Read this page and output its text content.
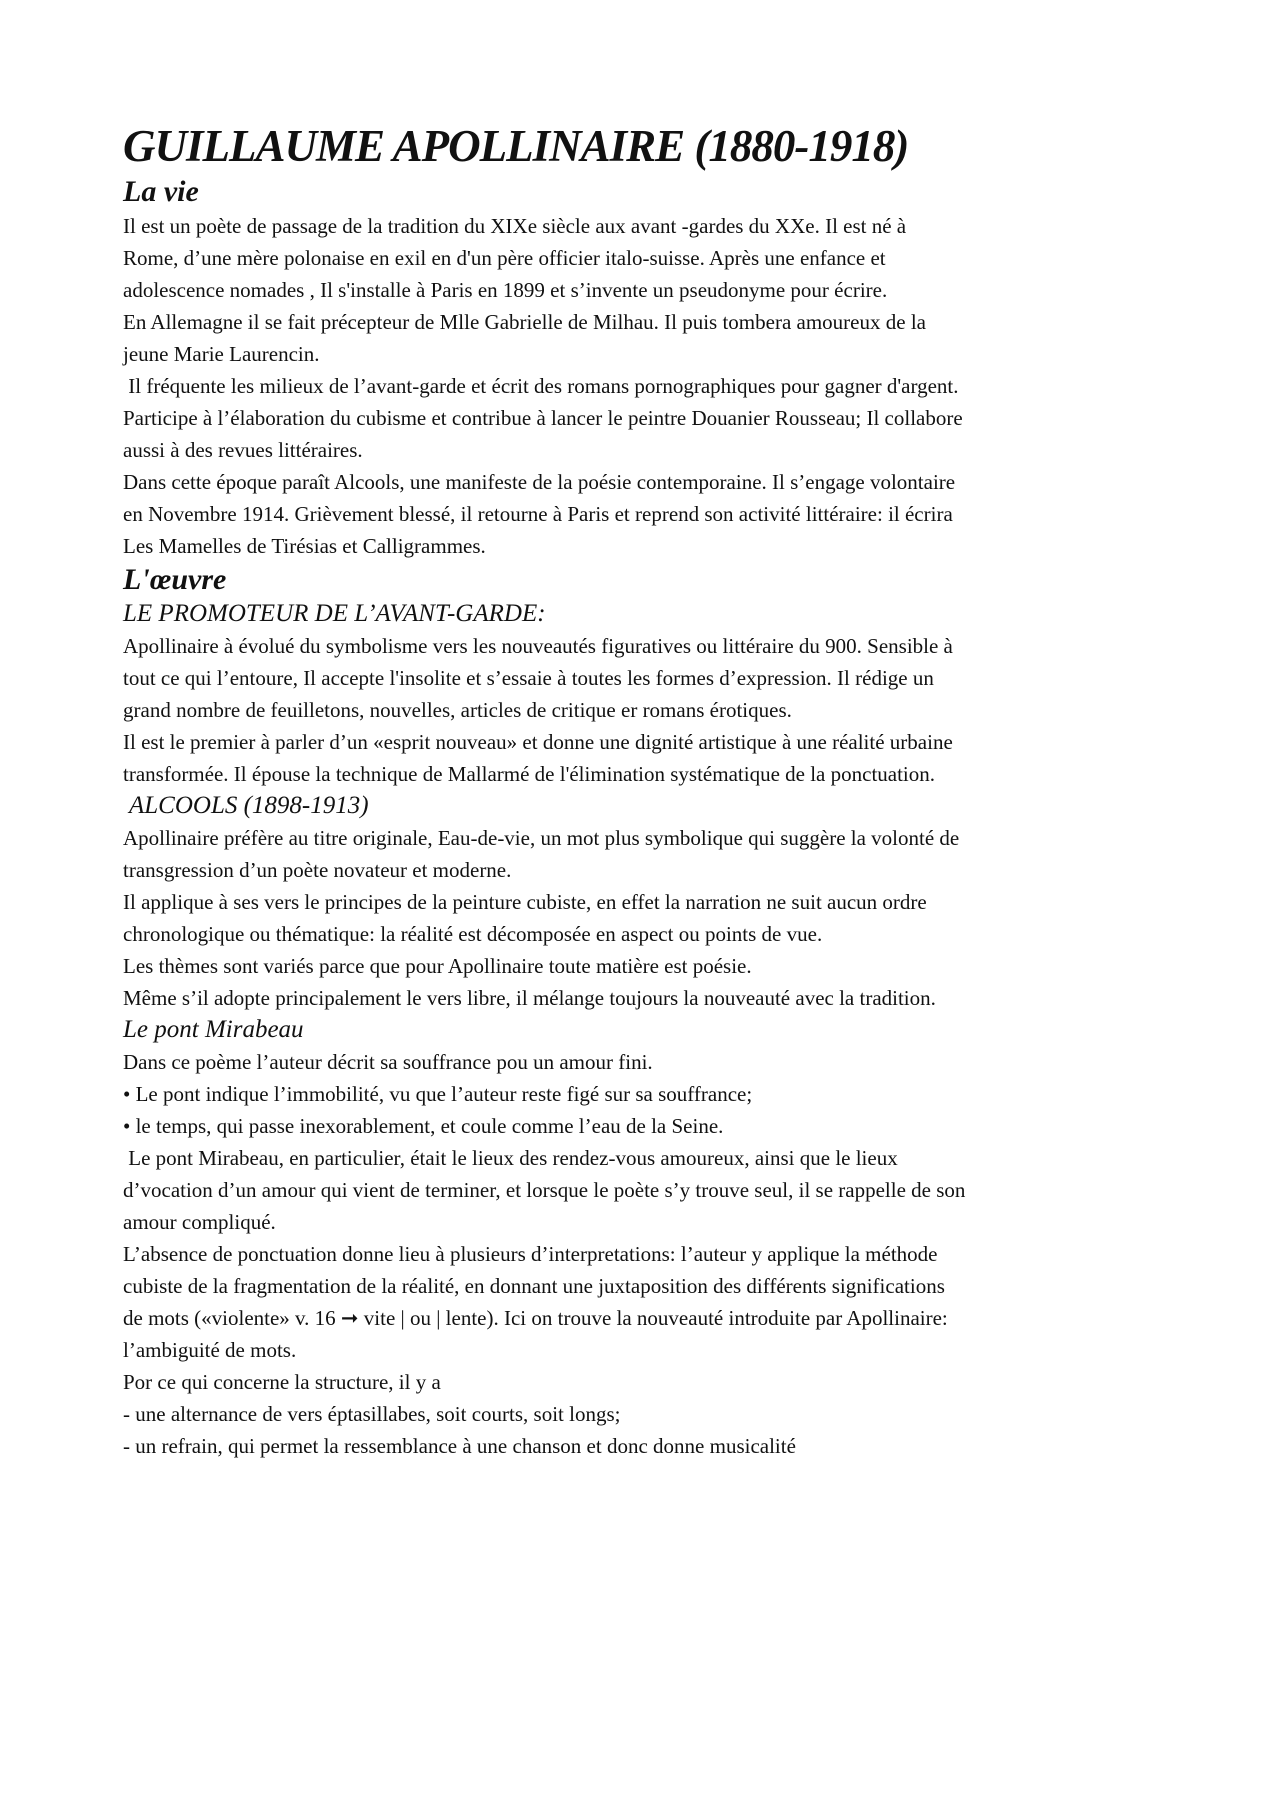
GUILLAUME APOLLINAIRE (1880-1918)
La vie

Il est un poète de passage de la tradition du XIXe siècle aux avant -gardes du XXe. Il est né à

Rome, d’une mère polonaise en exil en d'un père officier italo-suisse. Après une enfance et

adolescence nomades , Il s'installe à Paris en 1899 et s’invente un pseudonyme pour écrire.

En Allemagne il se fait précepteur de Mlle Gabrielle de Milhau. Il puis tombera amoureux de la

jeune Marie Laurencin.

Il fréquente les milieux de l’avant-garde et écrit des romans pornographiques pour gagner d'argent.

Participe à l’élaboration du cubisme et contribue à lancer le peintre Douanier Rousseau; Il collabore

aussi à des revues littéraires.

Dans cette époque paraît Alcools, une manifeste de la poésie contemporaine. Il s’engage volontaire

en Novembre 1914. Grièvement blessé, il retourne à Paris et reprend son activité littéraire: il écrira

Les Mamelles de Tirésias et Calligrammes.

L'œuvre
LE PROMOTEUR DE L’AVANT-GARDE:

Apollinaire à évolué du symbolisme vers les nouveautés figuratives ou littéraire du 900. Sensible à

tout ce qui l’entoure, Il accepte l'insolite et s’essaie à toutes les formes d’expression. Il rédige un

grand nombre de feuilletons, nouvelles, articles de critique er romans érotiques.

Il est le premier à parler d’un «esprit nouveau» et donne une dignité artistique à une réalité urbaine

transformée. Il épouse la technique de Mallarmé de l'élimination systématique de la ponctuation.

ALCOOLS (1898-1913)

Apollinaire préfère au titre originale, Eau-de-vie, un mot plus symbolique qui suggère la volonté de

transgression d’un poète novateur et moderne.

Il applique à ses vers le principes de la peinture cubiste, en effet la narration ne suit aucun ordre

chronologique ou thématique: la réalité est décomposée en aspect ou points de vue.

Les thèmes sont variés parce que pour Apollinaire toute matière est poésie.

Même s’il adopte principalement le vers libre, il mélange toujours la nouveauté avec la tradition.

Le pont Mirabeau

Dans ce poème l’auteur décrit sa souffrance pou un amour fini.

• Le pont indique l’immobilité, vu que l’auteur reste figé sur sa souffrance;

• le temps, qui passe inexorablement, et coule comme l’eau de la Seine.

Le pont Mirabeau, en particulier, était le lieux des rendez-vous amoureux, ainsi que le lieux

d’vocation d’un amour qui vient de terminer, et lorsque le poète s’y trouve seul, il se rappelle de son

amour compliqué.

L’absence de ponctuation donne lieu à plusieurs d’interpretations: l’auteur y applique la méthode

cubiste de la fragmentation de la réalité, en donnant une juxtaposition des différents significations

de mots («violente» v. 16 ➞ vite | ou | lente). Ici on trouve la nouveauté introduite par Apollinaire:

l’ambiguité de mots.

Por ce qui concerne la structure, il y a

- une alternance de vers éptasillabes, soit courts, soit longs;

- un refrain, qui permet la ressemblance à une chanson et donc donne musicalité
